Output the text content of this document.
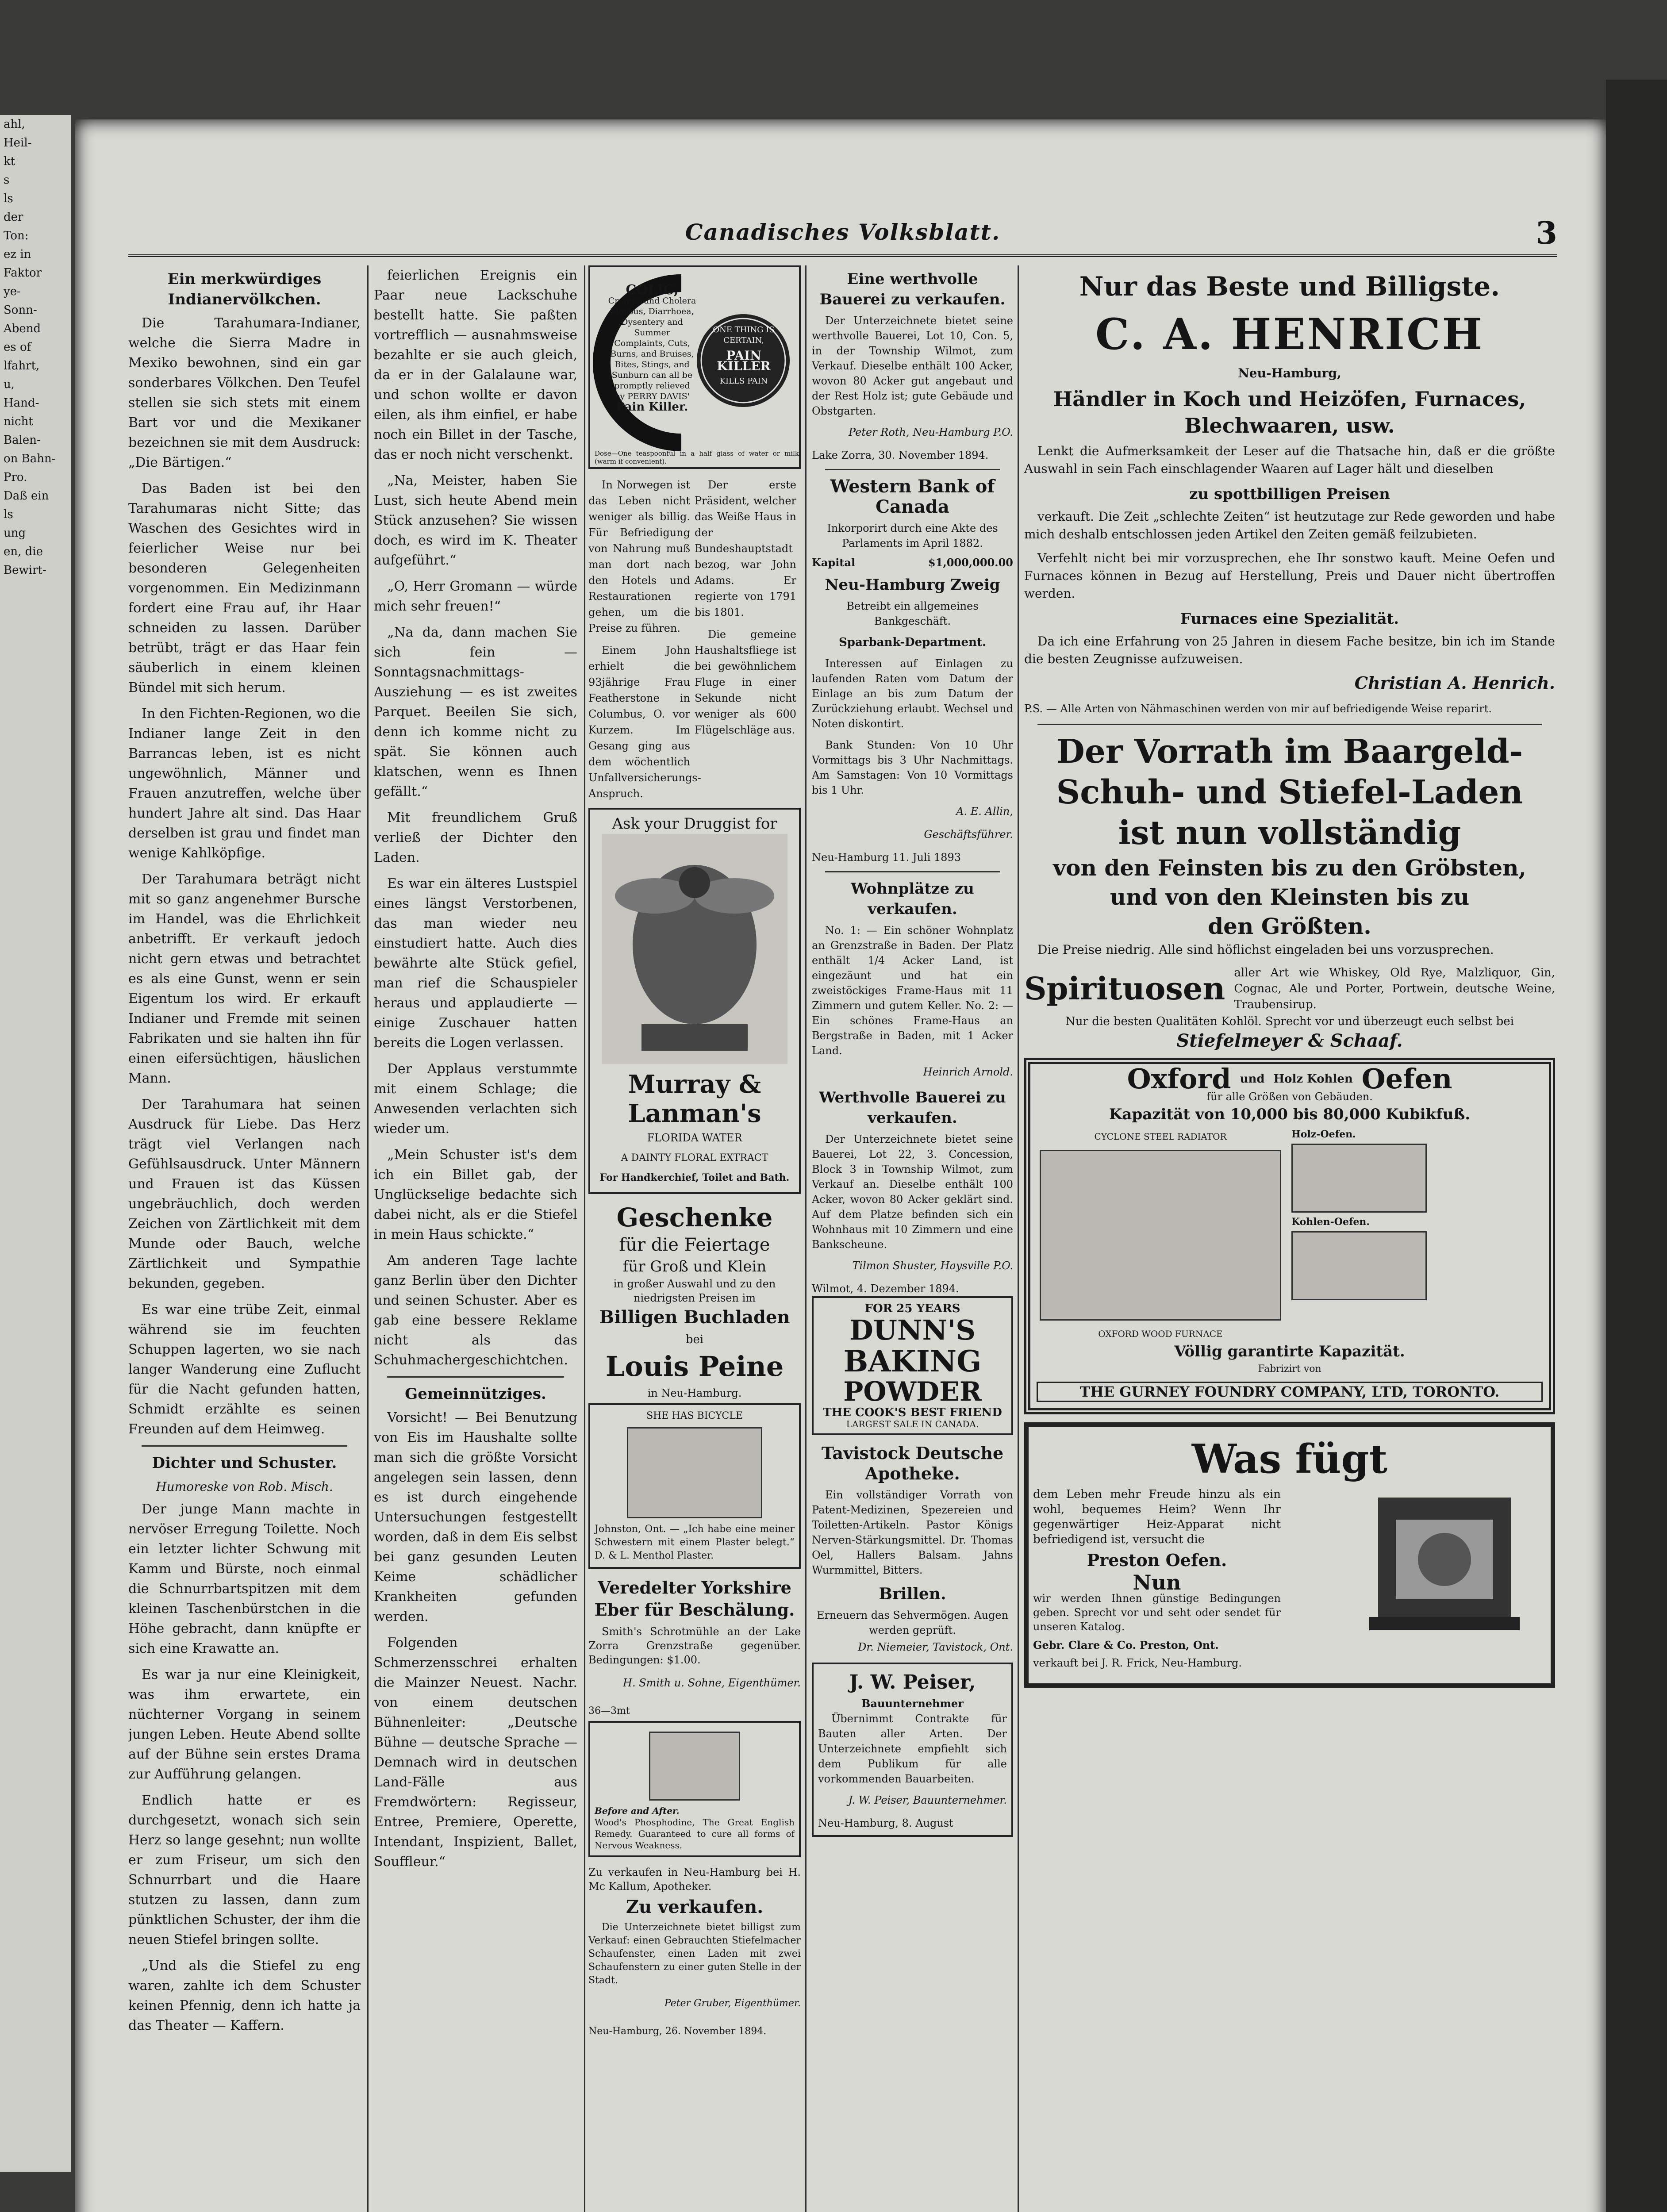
ahl,
Heil-
kt
s
ls
der
Ton:
ez in
Faktor
ye-
Sonn-
Abend
es of
lfahrt,
u,
Hand-
nicht
Balen-
on Bahn-
Pro.
Daß ein
ls
ung
en, die
Bewirt-
Canadisches Volksblatt.	3
Ein merkwürdiges Indianervölkchen.

Die Tarahumara-Indianer, welche die Sierra Madre in Mexiko bewohnen, sind ein gar sonderbares Völkchen. Den Teufel stellen sie sich stets mit einem Bart vor und die Mexikaner bezeichnen sie mit dem Ausdruck: „Die Bärtigen.“

Das Baden ist bei den Tarahumaras nicht Sitte; das Waschen des Gesichtes wird in feierlicher Weise nur bei besonderen Gelegenheiten vorgenommen. Ein Medizinmann fordert eine Frau auf, ihr Haar schneiden zu lassen. Darüber betrübt, trägt er das Haar fein säuberlich in einem kleinen Bündel mit sich herum.

In den Fichten-Regionen, wo die Indianer lange Zeit in den Barrancas leben, ist es nicht ungewöhnlich, Männer und Frauen anzutreffen, welche über hundert Jahre alt sind. Das Haar derselben ist grau und findet man wenige Kahlköpfige.

Der Tarahumara beträgt nicht mit so ganz angenehmer Bursche im Handel, was die Ehrlichkeit anbetrifft. Er verkauft jedoch nicht gern etwas und betrachtet es als eine Gunst, wenn er sein Eigentum los wird. Er erkauft Indianer und Fremde mit seinen Fabrikaten und sie halten ihn für einen eifersüchtigen, häuslichen Mann.

Der Tarahumara hat seinen Ausdruck für Liebe. Das Herz trägt viel Verlangen nach Gefühlsausdruck. Unter Männern und Frauen ist das Küssen ungebräuchlich, doch werden Zeichen von Zärtlichkeit mit dem Munde oder Bauch, welche Zärtlichkeit und Sympathie bekunden, gegeben.

Es war eine trübe Zeit, einmal während sie im feuchten Schuppen lagerten, wo sie nach langer Wanderung eine Zuflucht für die Nacht gefunden hatten, Schmidt erzählte es seinen Freunden auf dem Heimweg.

Dichter und Schuster.
Humoreske von Rob. Misch.

Der junge Mann machte in nervöser Erregung Toilette. Noch ein letzter lichter Schwung mit Kamm und Bürste, noch einmal die Schnurrbartspitzen mit dem kleinen Taschenbürstchen in die Höhe gebracht, dann knüpfte er sich eine Krawatte an.

Es war ja nur eine Kleinigkeit, was ihm erwartete, ein nüchterner Vorgang in seinem jungen Leben. Heute Abend sollte auf der Bühne sein erstes Drama zur Aufführung gelangen.

Endlich hatte er es durchgesetzt, wonach sich sein Herz so lange gesehnt; nun wollte er zum Friseur, um sich den Schnurrbart und die Haare stutzen zu lassen, dann zum pünktlichen Schuster, der ihm die neuen Stiefel bringen sollte.

„Und als die Stiefel zu eng waren, zahlte ich dem Schuster keinen Pfennig, denn ich hatte ja das Theater — Kaffern.

feierlichen Ereignis ein Paar neue Lackschuhe bestellt hatte. Sie paßten vortrefflich — ausnahmsweise bezahlte er sie auch gleich, da er in der Galalaune war, und schon wollte er davon eilen, als ihm einfiel, er habe noch ein Billet in der Tasche, das er noch nicht verschenkt.

„Na, Meister, haben Sie Lust, sich heute Abend mein Stück anzusehen? Sie wissen doch, es wird im K. Theater aufgeführt.“

„O, Herr Gromann — würde mich sehr freuen!“

„Na da, dann machen Sie sich fein — Sonntagsnachmittags-Ausziehung — es ist zweites Parquet. Beeilen Sie sich, denn ich komme nicht zu spät. Sie können auch klatschen, wenn es Ihnen gefällt.“

Mit freundlichem Gruß verließ der Dichter den Laden.

Es war ein älteres Lustspiel eines längst Verstorbenen, das man wieder neu einstudiert hatte. Auch dies bewährte alte Stück gefiel, man rief die Schauspieler heraus und applaudierte — einige Zuschauer hatten bereits die Logen verlassen.

Der Applaus verstummte mit einem Schlage; die Anwesenden verlachten sich wieder um.

„Mein Schuster ist's dem ich ein Billet gab, der Unglückselige bedachte sich dabei nicht, als er die Stiefel in mein Haus schickte.“

Am anderen Tage lachte ganz Berlin über den Dichter und seinen Schuster. Aber es gab eine bessere Reklame nicht als das Schuhmachergeschichtchen.

Gemeinnütziges.

Vorsicht! — Bei Benutzung von Eis im Haushalte sollte man sich die größte Vorsicht angelegen sein lassen, denn es ist durch eingehende Untersuchungen festgestellt worden, daß in dem Eis selbst bei ganz gesunden Leuten Keime schädlicher Krankheiten gefunden werden.

Folgenden Schmerzensschrei erhalten die Mainzer Neuest. Nachr. von einem deutschen Bühnenleiter: „Deutsche Bühne — deutsche Sprache — Demnach wird in deutschen Land-Fälle aus Fremdwörtern: Regisseur, Entree, Premiere, Operette, Intendant, Inspizient, Ballet, Souffleur.“

COLIC,
Cramps and Cholera Morbus, Diarrhoea, Dysentery and Summer Complaints, Cuts, Burns, and Bruises, Bites, Stings, and Sunburn can all be promptly relieved by PERRY DAVIS'
Pain Killer.
ONE THING IS CERTAIN,
PAIN KILLER
KILLS PAIN
Dose—One teaspoonful in a half glass of water or milk (warm if convenient).

In Norwegen ist das Leben nicht weniger als billig. Für Befriedigung von Nahrung muß man dort nach den Hotels und Restaurationen gehen, um die Preise zu führen.

Einem John erhielt die 93jährige Frau Featherstone in Columbus, O. vor Kurzem. Im Gesang ging aus dem wöchentlich Unfallversicherungs-Anspruch.

Der erste Präsident, welcher das Weiße Haus in der Bundeshauptstadt bezog, war John Adams. Er regierte von 1791 bis 1801.

Die gemeine Haushaltsfliege ist bei gewöhnlichem Fluge in einer Sekunde nicht weniger als 600 Flügelschläge aus.

Ask your Druggist for
Murray &
Lanman's
FLORIDA WATER
A DAINTY FLORAL EXTRACT
For Handkerchief, Toilet and Bath.
Geschenke
für die Feiertage
für Groß und Klein
in großer Auswahl und zu den niedrigsten Preisen im
Billigen Buchladen
bei
Louis Peine
in Neu-Hamburg.
SHE HAS BICYCLE
Johnston, Ont. — „Ich habe eine meiner Schwestern mit einem Plaster belegt.“ D. & L. Menthol Plaster.
Veredelter Yorkshire Eber für Beschälung.

Smith's Schrotmühle an der Lake Zorra Grenzstraße gegenüber. Bedingungen: $1.00.

H. Smith u. Sohne, Eigenthümer.
36—3mt
Before and After.
Wood's Phosphodine, The Great English Remedy. Guaranteed to cure all forms of Nervous Weakness.
Zu verkaufen in Neu-Hamburg bei H. Mc Kallum, Apotheker.
Zu verkaufen.

Die Unterzeichnete bietet billigst zum Verkauf: einen Gebrauchten Stiefelmacher Schaufenster, einen Laden mit zwei Schaufenstern zu einer guten Stelle in der Stadt.

Peter Gruber, Eigenthümer.
Neu-Hamburg, 26. November 1894.
Eine werthvolle Bauerei zu verkaufen.

Der Unterzeichnete bietet seine werthvolle Bauerei, Lot 10, Con. 5, in der Township Wilmot, zum Verkauf. Dieselbe enthält 100 Acker, wovon 80 Acker gut angebaut und der Rest Holz ist; gute Gebäude und Obstgarten.

Peter Roth, Neu-Hamburg P.O.
Lake Zorra, 30. November 1894.
Western Bank of Canada
Inkorporirt durch eine Akte des Parlaments im April 1882.
Kapital	$1,000,000.00
Neu-Hamburg Zweig
Betreibt ein allgemeines Bankgeschäft.
Sparbank-Department.

Interessen auf Einlagen zu laufenden Raten vom Datum der Einlage an bis zum Datum der Zurückziehung erlaubt. Wechsel und Noten diskontirt.

Bank Stunden: Von 10 Uhr Vormittags bis 3 Uhr Nachmittags. Am Samstagen: Von 10 Vormittags bis 1 Uhr.

A. E. Allin,
Geschäftsführer.
Neu-Hamburg 11. Juli 1893
Wohnplätze zu verkaufen.

No. 1: — Ein schöner Wohnplatz an Grenzstraße in Baden. Der Platz enthält 1/4 Acker Land, ist eingezäunt und hat ein zweistöckiges Frame-Haus mit 11 Zimmern und gutem Keller. No. 2: — Ein schönes Frame-Haus an Bergstraße in Baden, mit 1 Acker Land.

Heinrich Arnold.
Werthvolle Bauerei zu verkaufen.

Der Unterzeichnete bietet seine Bauerei, Lot 22, 3. Concession, Block 3 in Township Wilmot, zum Verkauf an. Dieselbe enthält 100 Acker, wovon 80 Acker geklärt sind. Auf dem Platze befinden sich ein Wohnhaus mit 10 Zimmern und eine Bankscheune.

Tilmon Shuster, Haysville P.O.
Wilmot, 4. Dezember 1894.
FOR 25 YEARS
DUNN'S
BAKING
POWDER
THE COOK'S BEST FRIEND
LARGEST SALE IN CANADA.
Tavistock Deutsche Apotheke.

Ein vollständiger Vorrath von Patent-Medizinen, Spezereien und Toiletten-Artikeln. Pastor Königs Nerven-Stärkungsmittel. Dr. Thomas Oel, Hallers Balsam. Jahns Wurmmittel, Bitters.

Brillen.
Erneuern das Sehvermögen. Augen werden geprüft.
Dr. Niemeier, Tavistock, Ont.
J. W. Peiser,
Bauunternehmer

Übernimmt Contrakte für Bauten aller Arten. Der Unterzeichnete empfiehlt sich dem Publikum für alle vorkommenden Bauarbeiten.

J. W. Peiser, Bauunternehmer.
Neu-Hamburg, 8. August
Nur das Beste und Billigste.
C. A. HENRICH
Neu-Hamburg,
Händler in Koch und Heizöfen, Furnaces, Blechwaaren, usw.

Lenkt die Aufmerksamkeit der Leser auf die Thatsache hin, daß er die größte Auswahl in sein Fach einschlagender Waaren auf Lager hält und dieselben

zu spottbilligen Preisen

verkauft. Die Zeit „schlechte Zeiten“ ist heutzutage zur Rede geworden und habe mich deshalb entschlossen jeden Artikel den Zeiten gemäß feilzubieten.

Verfehlt nicht bei mir vorzusprechen, ehe Ihr sonstwo kauft. Meine Oefen und Furnaces können in Bezug auf Herstellung, Preis und Dauer nicht übertroffen werden.

Furnaces eine Spezialität.

Da ich eine Erfahrung von 25 Jahren in diesem Fache besitze, bin ich im Stande die besten Zeugnisse aufzuweisen.

Christian A. Henrich.
P.S. — Alle Arten von Nähmaschinen werden von mir auf befriedigende Weise reparirt.
Der Vorrath im Baargeld-
Schuh- und Stiefel-Laden
ist nun vollständig
von den Feinsten bis zu den Gröbsten,
und von den Kleinsten bis zu
den Größten.

Die Preise niedrig. Alle sind höflichst eingeladen bei uns vorzusprechen.

Spirituosen aller Art wie Whiskey, Old Rye, Malzliquor, Gin, Cognac, Ale und Porter, Portwein, deutsche Weine, Traubensirup.
Nur die besten Qualitäten Kohlöl. Sprecht vor und überzeugt euch selbst bei
Stiefelmeyer & Schaaf.
Oxford und Holz Kohlen Oefen
für alle Größen von Gebäuden.
Kapazität von 10,000 bis 80,000 Kubikfuß.
CYCLONE STEEL RADIATOR
OXFORD WOOD FURNACE
Holz-Oefen.
Kohlen-Oefen.
Völlig garantirte Kapazität.
Fabrizirt von
THE GURNEY FOUNDRY COMPANY, LTD, TORONTO.
Was fügt
dem Leben mehr Freude hinzu als ein wohl, bequemes Heim? Wenn Ihr gegenwärtiger Heiz-Apparat nicht befriedigend ist, versucht die
Preston Oefen.
Nun
wir werden Ihnen günstige Bedingungen geben. Sprecht vor und seht oder sendet für unseren Katalog.
Gebr. Clare & Co. Preston, Ont.
verkauft bei J. R. Frick, Neu-Hamburg.
